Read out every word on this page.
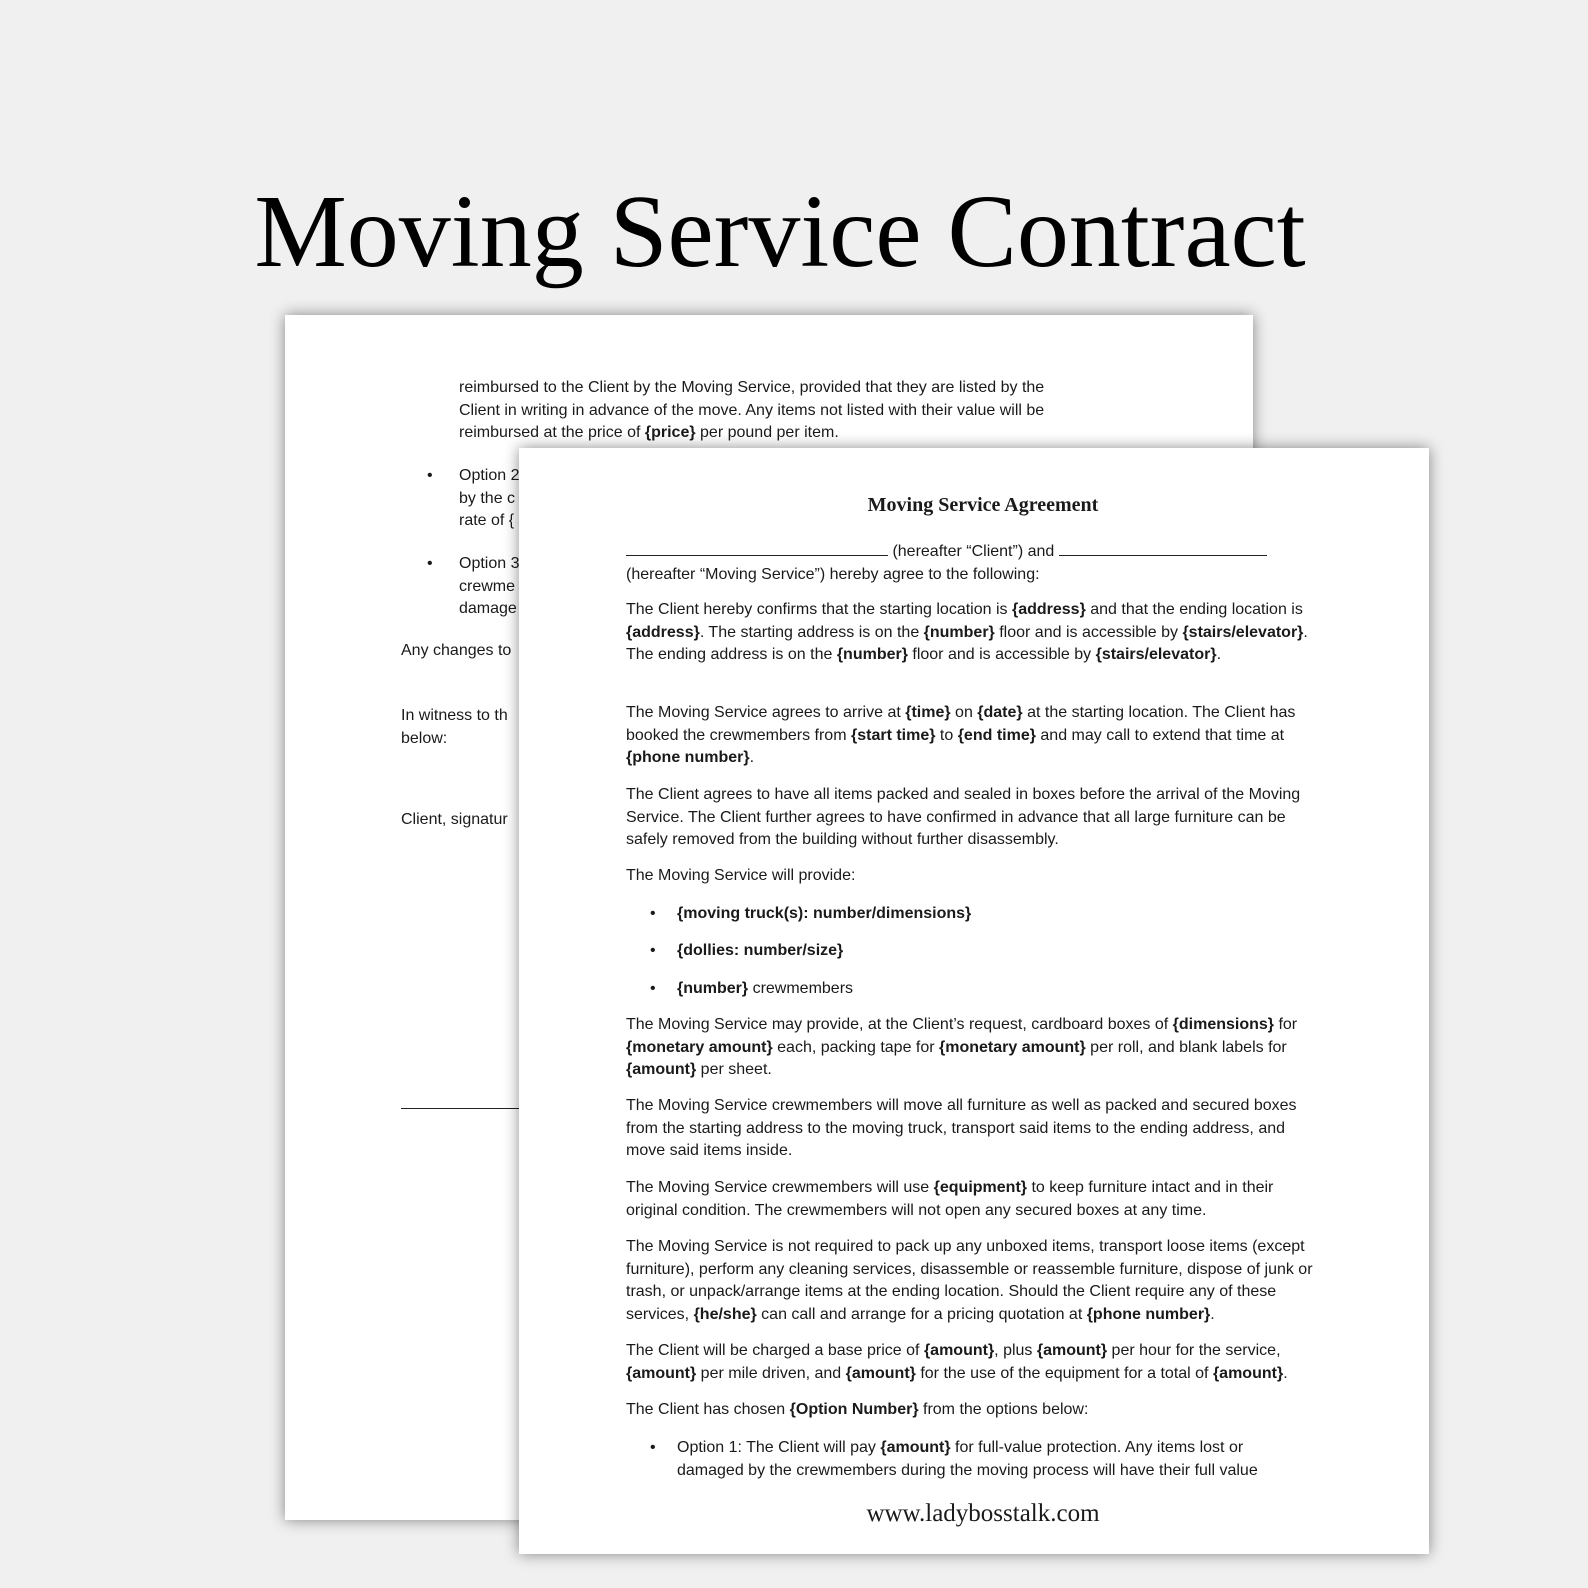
Moving Service Contract

reimbursed to the Client by the Moving Service, provided that they are listed by the

Client in writing in advance of the move. Any items not listed with their value will be

reimbursed at the price of {price} per pound per item.

• Option 2

by the c

rate of {

• Option 3

crewme

damage

Any changes to

In witness to th

below:

Client, signatur

Moving Service Agreement

(hereafter “Client”) and

(hereafter “Moving Service”) hereby agree to the following:

The Client hereby confirms that the starting location is {address} and that the ending location is {address}. The starting address is on the {number} floor and is accessible by {stairs/elevator}. The ending address is on the {number} floor and is accessible by {stairs/elevator}.

The Moving Service agrees to arrive at {time} on {date} at the starting location. The Client has booked the crewmembers from {start time} to {end time} and may call to extend that time at {phone number}.

The Client agrees to have all items packed and sealed in boxes before the arrival of the Moving Service. The Client further agrees to have confirmed in advance that all large furniture can be safely removed from the building without further disassembly.

The Moving Service will provide:

• {moving truck(s): number/dimensions}

• {dollies: number/size}

• {number} crewmembers

The Moving Service may provide, at the Client’s request, cardboard boxes of {dimensions} for {monetary amount} each, packing tape for {monetary amount} per roll, and blank labels for {amount} per sheet.

The Moving Service crewmembers will move all furniture as well as packed and secured boxes from the starting address to the moving truck, transport said items to the ending address, and move said items inside.

The Moving Service crewmembers will use {equipment} to keep furniture intact and in their original condition. The crewmembers will not open any secured boxes at any time.

The Moving Service is not required to pack up any unboxed items, transport loose items (except furniture), perform any cleaning services, disassemble or reassemble furniture, dispose of junk or trash, or unpack/arrange items at the ending location. Should the Client require any of these services, {he/she} can call and arrange for a pricing quotation at {phone number}.

The Client will be charged a base price of {amount}, plus {amount} per hour for the service, {amount} per mile driven, and {amount} for the use of the equipment for a total of {amount}.

The Client has chosen {Option Number} from the options below:

• Option 1: The Client will pay {amount} for full-value protection. Any items lost or damaged by the crewmembers during the moving process will have their full value

www.ladybosstalk.com
